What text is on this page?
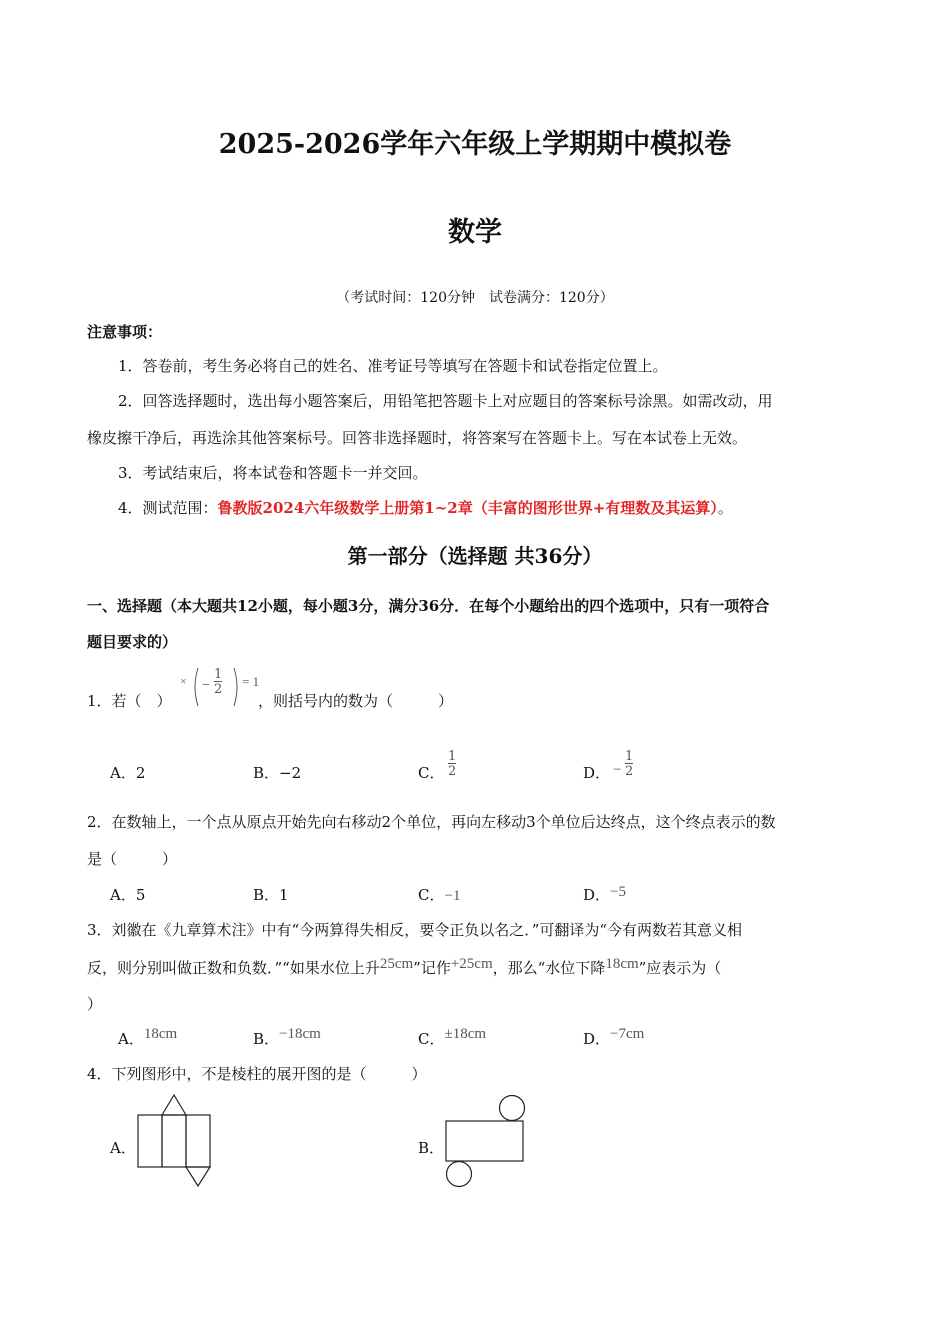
2025-2026学年六年级上学期期中模拟卷
数学
（考试时间：120分钟　试卷满分：120分）
注意事项：
1．答卷前，考生务必将自己的姓名、准考证号等填写在答题卡和试卷指定位置上。
2．回答选择题时，选出每小题答案后，用铅笔把答题卡上对应题目的答案标号涂黑。如需改动，用
橡皮擦干净后，再选涂其他答案标号。回答非选择题时，将答案写在答题卡上。写在本试卷上无效。
3．考试结束后，将本试卷和答题卡一并交回。
4．测试范围：鲁教版2024六年级数学上册第1~2章（丰富的图形世界+有理数及其运算）。
第一部分（选择题 共36分）
一、选择题（本大题共12小题，每小题3分，满分36分．在每个小题给出的四个选项中，只有一项符合
题目要求的）
1．若（　）
× − $\frac{1}{2} = 1$
，则括号内的数为（　　　）
A．2	B．−2	C． $\frac{1}{2}$	D． − $\frac{1}{2}$
2．在数轴上，一个点从原点开始先向右移动2个单位，再向左移动3个单位后达终点，这个终点表示的数
是（　　　）
A．5	B．1	C．−1	D．−5
3．刘徽在《九章算术注》中有“今两算得失相反，要令正负以名之．”可翻译为“今有两数若其意义相
反，则分别叫做正数和负数．”“如果水位上升25cm”记作+25cm，那么“水位下降18cm”应表示为（
）
A．18cm	B．−18cm	C．±18cm	D．−7cm
4．下列图形中，不是棱柱的展开图的是（　　　）
A．	B．
